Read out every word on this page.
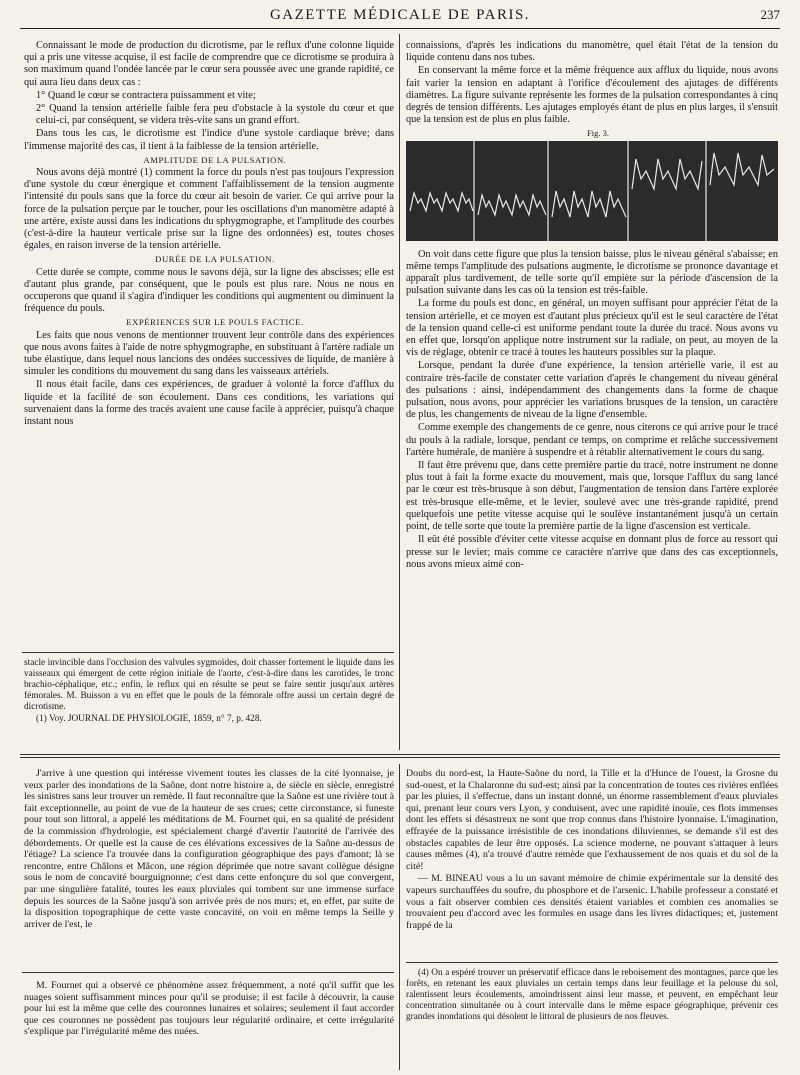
GAZETTE MÉDICALE DE PARIS.	237

Connaissant le mode de production du dicrotisme, par le reflux d'une colonne liquide qui a pris une vitesse acquise, il est facile de comprendre que ce dicrotisme se produira à son maximum quand l'ondée lancée par le cœur sera poussée avec une grande rapidité, ce qui aura lieu dans deux cas :

1° Quand le cœur se contractera puissamment et vite;

2° Quand la tension artérielle faible fera peu d'obstacle à la systole du cœur et que celui-ci, par conséquent, se videra très-vite sans un grand effort.

Dans tous les cas, le dicrotisme est l'indice d'une systole cardiaque brève; dans l'immense majorité des cas, il tient à la faiblesse de la tension artérielle.

AMPLITUDE DE LA PULSATION.

Nous avons déjà montré (1) comment la force du pouls n'est pas toujours l'expression d'une systole du cœur énergique et comment l'affaiblissement de la tension augmente l'intensité du pouls sans que la force du cœur ait besoin de varier. Ce qui arrive pour la force de la pulsation perçue par le toucher, pour les oscillations d'un manomètre adapté à une artère, existe aussi dans les indications du sphygmographe, et l'amplitude des courbes (c'est-à-dire la hauteur verticale prise sur la ligne des ordonnées) est, toutes choses égales, en raison inverse de la tension artérielle.

DURÉE DE LA PULSATION.

Cette durée se compte, comme nous le savons déjà, sur la ligne des abscisses; elle est d'autant plus grande, par conséquent, que le pouls est plus rare. Nous ne nous en occuperons que quand il s'agira d'indiquer les conditions qui augmentent ou diminuent la fréquence du pouls.

EXPÉRIENCES SUR LE POULS FACTICE.

Les faits que nous venons de mentionner trouvent leur contrôle dans des expériences que nous avons faites à l'aide de notre sphygmographe, en substituant à l'artère radiale un tube élastique, dans lequel nous lancions des ondées successives de liquide, de manière à simuler les conditions du mouvement du sang dans les vaisseaux artériels.

Il nous était facile, dans ces expériences, de graduer à volonté la force d'afflux du liquide et la facilité de son écoulement. Dans ces conditions, les variations qui survenaient dans la forme des tracés avaient une cause facile à apprécier, puisqu'à chaque instant nous

stacle invincible dans l'occlusion des valvules sygmoïdes, doit chasser fortement le liquide dans les vaisseaux qui émergent de cette région initiale de l'aorte, c'est-à-dire dans les carotides, le tronc brachio-céphalique, etc.; enfin, le reflux qui en résulte se peut se faire sentir jusqu'aux artères fémorales. M. Buisson a vu en effet que le pouls de la fémorale offre aussi un certain degré de dicrotisme.

(1) Voy. JOURNAL DE PHYSIOLOGIE, 1859, n° 7, p. 428.

connaissions, d'après les indications du manomètre, quel était l'état de la tension du liquide contenu dans nos tubes.

En conservant la même force et la même fréquence aux afflux du liquide, nous avons fait varier la tension en adaptant à l'orifice d'écoulement des ajutages de différents diamètres. La figure suivante représente les formes de la pulsation correspondantes à cinq degrés de tension différents. Les ajutages employés étant de plus en plus larges, il s'ensuit que la tension est de plus en plus faible.

Fig. 3.

On voit dans cette figure que plus la tension baisse, plus le niveau général s'abaisse; en même temps l'amplitude des pulsations augmente, le dicrotisme se prononce davantage et apparaît plus tardivement, de telle sorte qu'il empiète sur la période d'ascension de la pulsation suivante dans les cas où la tension est très-faible.

La forme du pouls est donc, en général, un moyen suffisant pour apprécier l'état de la tension artérielle, et ce moyen est d'autant plus précieux qu'il est le seul caractère de l'état de la tension quand celle-ci est uniforme pendant toute la durée du tracé. Nous avons vu en effet que, lorsqu'on applique notre instrument sur la radiale, on peut, au moyen de la vis de réglage, obtenir ce tracé à toutes les hauteurs possibles sur la plaque.

Lorsque, pendant la durée d'une expérience, la tension artérielle varie, il est au contraire très-facile de constater cette variation d'après le changement du niveau général des pulsations : ainsi, indépendamment des changements dans la forme de chaque pulsation, nous avons, pour apprécier les variations brusques de la tension, un caractère de plus, les changements de niveau de la ligne d'ensemble.

Comme exemple des changements de ce genre, nous citerons ce qui arrive pour le tracé du pouls à la radiale, lorsque, pendant ce temps, on comprime et relâche successivement l'artère humérale, de manière à suspendre et à rétablir alternativement le cours du sang.

Il faut être prévenu que, dans cette première partie du tracé, notre instrument ne donne plus tout à fait la forme exacte du mouvement, mais que, lorsque l'afflux du sang lancé par le cœur est très-brusque à son début, l'augmentation de tension dans l'artère explorée est très-brusque elle-même, et le levier, soulevé avec une très-grande rapidité, prend quelquefois une petite vitesse acquise qui le soulève instantanément jusqu'à un certain point, de telle sorte que toute la première partie de la ligne d'ascension est verticale.

Il eût été possible d'éviter cette vitesse acquise en donnant plus de force au ressort qui presse sur le levier; mais comme ce caractère n'arrive que dans des cas exceptionnels, nous avons mieux aimé con-

J'arrive à une question qui intéresse vivement toutes les classes de la cité lyonnaise, je veux parler des inondations de la Saône, dont notre histoire a, de siècle en siècle, enregistré les sinistres sans leur trouver un remède. Il faut reconnaître que la Saône est une rivière tout à fait exceptionnelle, au point de vue de la hauteur de ses crues; cette circonstance, si funeste pour tout son littoral, a appelé les méditations de M. Fournet qui, en sa qualité de président de la commission d'hydrologie, est spécialement chargé d'avertir l'autorité de l'arrivée des débordements. Or quelle est la cause de ces élévations excessives de la Saône au-dessus de l'étiage? La science l'a trouvée dans la configuration géographique des pays d'amont; là se rencontre, entre Châlons et Mâcon, une région déprimée que notre savant collègue désigne sous le nom de concavité bourguignonne; c'est dans cette enfonçure du sol que convergent, par une singulière fatalité, toutes les eaux pluviales qui tombent sur une immense surface depuis les sources de la Saône jusqu'à son arrivée près de nos murs; et, en effet, par suite de la disposition topographique de cette vaste concavité, on voit en même temps la Seille y arriver de l'est, le

M. Fournet qui a observé ce phénomène assez fréquemment, a noté qu'il suffit que les nuages soient suffisamment minces pour qu'il se produise; il est facile à découvrir, la cause pour lui est la même que celle des couronnes lunaires et solaires; seulement il faut accorder que ces couronnes ne possèdent pas toujours leur régularité ordinaire, et cette irrégularité s'explique par l'irrégularité même des nuées.

Doubs du nord-est, la Haute-Saône du nord, la Tille et la d'Hunce de l'ouest, la Grosne du sud-ouest, et la Chalaronne du sud-est; ainsi par la concentration de toutes ces rivières enflées par les pluies, il s'effectue, dans un instant donné, un énorme rassemblement d'eaux pluviales qui, prenant leur cours vers Lyon, y conduisent, avec une rapidité inouïe, ces flots immenses dont les effets si désastreux ne sont que trop connus dans l'histoire lyonnaise. L'imagination, effrayée de la puissance irrésistible de ces inondations diluviennes, se demande s'il est des obstacles capables de leur être opposés. La science moderne, ne pouvant s'attaquer à leurs causes mêmes (4), n'a trouvé d'autre remède que l'exhaussement de nos quais et du sol de la cité!

— M. BINEAU vous a lu un savant mémoire de chimie expérimentale sur la densité des vapeurs surchauffées du soufre, du phosphore et de l'arsenic. L'habile professeur a constaté et vous a fait observer combien ces densités étaient variables et combien ces anomalies se trouvaient peu d'accord avec les formules en usage dans les livres didactiques; et, justement frappé de la

(4) On a espéré trouver un préservatif efficace dans le reboisement des montagnes, parce que les forêts, en retenant les eaux pluviales un certain temps dans leur feuillage et la pelouse du sol, ralentissent leurs écoulements, amoindrissent ainsi leur masse, et peuvent, en empêchant leur concentration simultanée ou à court intervalle dans le même espace géographique, prévenir ces grandes inondations qui désolent le littoral de plusieurs de nos fleuves.
